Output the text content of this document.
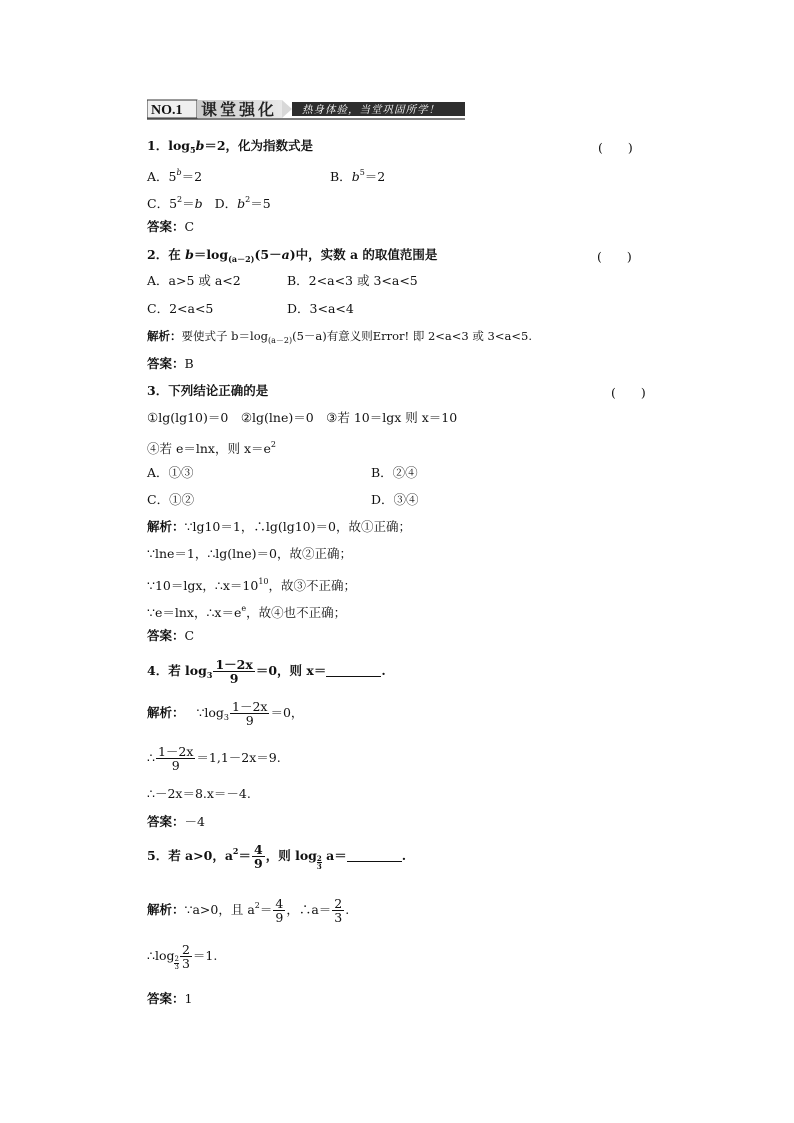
NO.1 课堂强化 热身体验，当堂巩固所学！
1．$\log_5b=2$，化为指数式是	(　　)
A．$5^b=2$	B．$b^5=2$
C．$5^2=b$ D．$b^2=5$
答案：C
2．在 $b=\log_{(a-2)}(5-a)$中，实数 a 的取值范围是	(　　)
A．a>5 或 a<2	B．2<a<3 或 3<a<5
C．2<a<5	D．3<a<4
解析：要使式子 $b=\log_{(a-2)}(5-a)$有意义则Error! 即 2<a<3 或 3<a<5.
答案：B
3．下列结论正确的是	(　　)
①lg(lg10)＝0　②lg(lne)＝0　③若 10＝lgx 则 x＝10
④若 e＝lnx，则 $x=e^2$
A．①③	B．②④
C．①②	D．③④
解析：∵lg10＝1，∴lg(lg10)＝0，故①正确；
∵lne＝1，∴lg(lne)＝0，故②正确；
∵10＝lgx，$\therefore x=10^{10}$，故③不正确；
∵e＝lnx，$\therefore x=e^e$，故④也不正确；
答案：C
4．若 $\log_3 \frac{1-2x}{9} =0$，则 x＝	.
解析： $\because\log_3 \frac{1-2x}{9} =0$，
∴ $\frac{1-2x}{9} =1,1-2x=9$.
∴－2x＝8.x＝－4.
答案：－4
5．若 a>0，$a^2= \frac{4}{9}$ ，则 $\log \frac{2}{3} a=$	.
解析：∵a>0，且 $a^2= \frac{4}{9}$ ，∴a＝ $\frac{2}{3}$ .
∴log
$\frac{2}{3} \frac{2}{3} =1$.
答案：1
